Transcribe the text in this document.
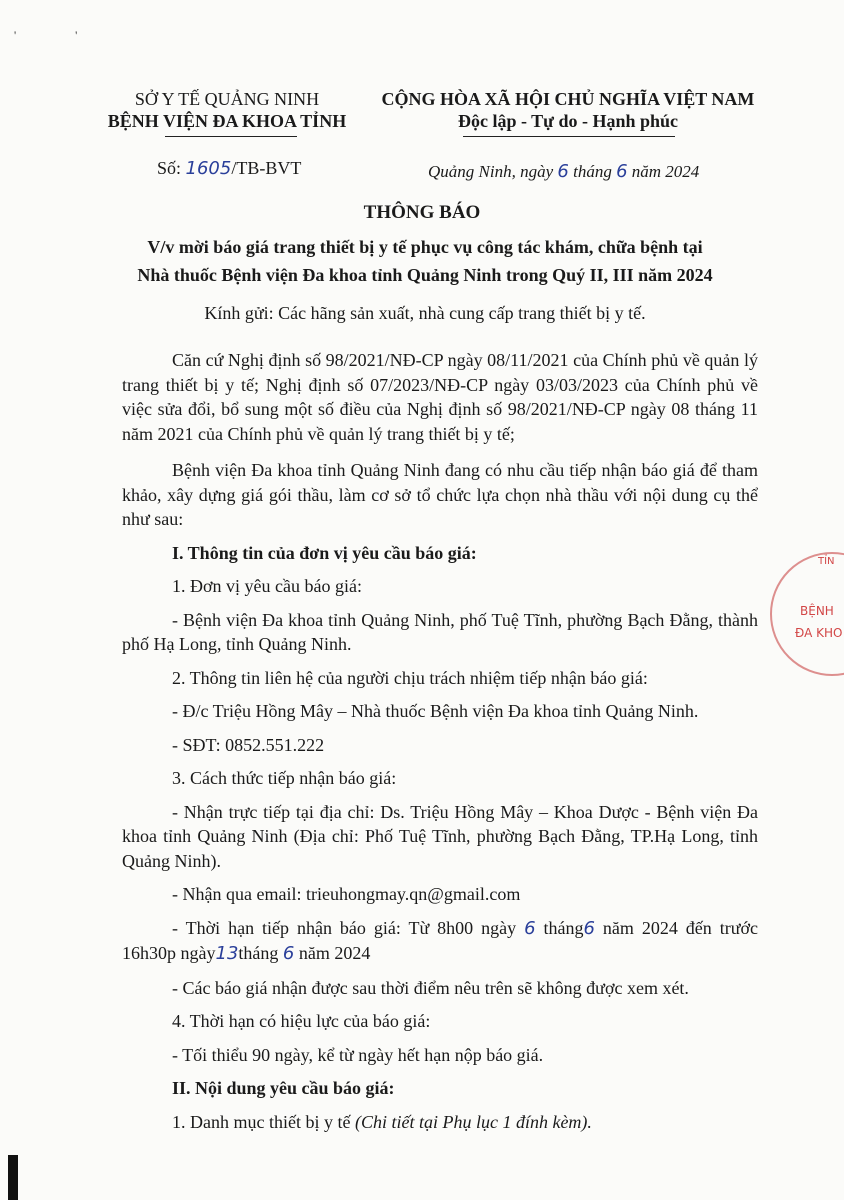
' '
SỞ Y TẾ QUẢNG NINH
BỆNH VIỆN ĐA KHOA TỈNH
CỘNG HÒA XÃ HỘI CHỦ NGHĨA VIỆT NAM
Độc lập - Tự do - Hạnh phúc
Số: 1605/TB-BVT	Quảng Ninh, ngày 6 tháng 6 năm 2024
THÔNG BÁO
V/v mời báo giá trang thiết bị y tế phục vụ công tác khám, chữa bệnh tại
Nhà thuốc Bệnh viện Đa khoa tỉnh Quảng Ninh trong Quý II, III năm 2024
Kính gửi: Các hãng sản xuất, nhà cung cấp trang thiết bị y tế.

Căn cứ Nghị định số 98/2021/NĐ-CP ngày 08/11/2021 của Chính phủ về quản lý trang thiết bị y tế; Nghị định số 07/2023/NĐ-CP ngày 03/03/2023 của Chính phủ về việc sửa đổi, bổ sung một số điều của Nghị định số 98/2021/NĐ-CP ngày 08 tháng 11 năm 2021 của Chính phủ về quản lý trang thiết bị y tế;

Bệnh viện Đa khoa tỉnh Quảng Ninh đang có nhu cầu tiếp nhận báo giá để tham khảo, xây dựng giá gói thầu, làm cơ sở tổ chức lựa chọn nhà thầu với nội dung cụ thể như sau:

I. Thông tin của đơn vị yêu cầu báo giá:

1. Đơn vị yêu cầu báo giá:

- Bệnh viện Đa khoa tỉnh Quảng Ninh, phố Tuệ Tĩnh, phường Bạch Đằng, thành phố Hạ Long, tỉnh Quảng Ninh.

2. Thông tin liên hệ của người chịu trách nhiệm tiếp nhận báo giá:

- Đ/c Triệu Hồng Mây – Nhà thuốc Bệnh viện Đa khoa tỉnh Quảng Ninh.

- SĐT: 0852.551.222

3. Cách thức tiếp nhận báo giá:

- Nhận trực tiếp tại địa chỉ: Ds. Triệu Hồng Mây – Khoa Dược - Bệnh viện Đa khoa tỉnh Quảng Ninh (Địa chỉ: Phố Tuệ Tĩnh, phường Bạch Đằng, TP.Hạ Long, tỉnh Quảng Ninh).

- Nhận qua email: trieuhongmay.qn@gmail.com

- Thời hạn tiếp nhận báo giá: Từ 8h00 ngày 6 tháng6 năm 2024 đến trước 16h30p ngày13tháng 6 năm 2024

- Các báo giá nhận được sau thời điểm nêu trên sẽ không được xem xét.

4. Thời hạn có hiệu lực của báo giá:

- Tối thiểu 90 ngày, kể từ ngày hết hạn nộp báo giá.

II. Nội dung yêu cầu báo giá:

1. Danh mục thiết bị y tế (Chi tiết tại Phụ lục 1 đính kèm).

TỈN
BỆNH
ĐA KHO
